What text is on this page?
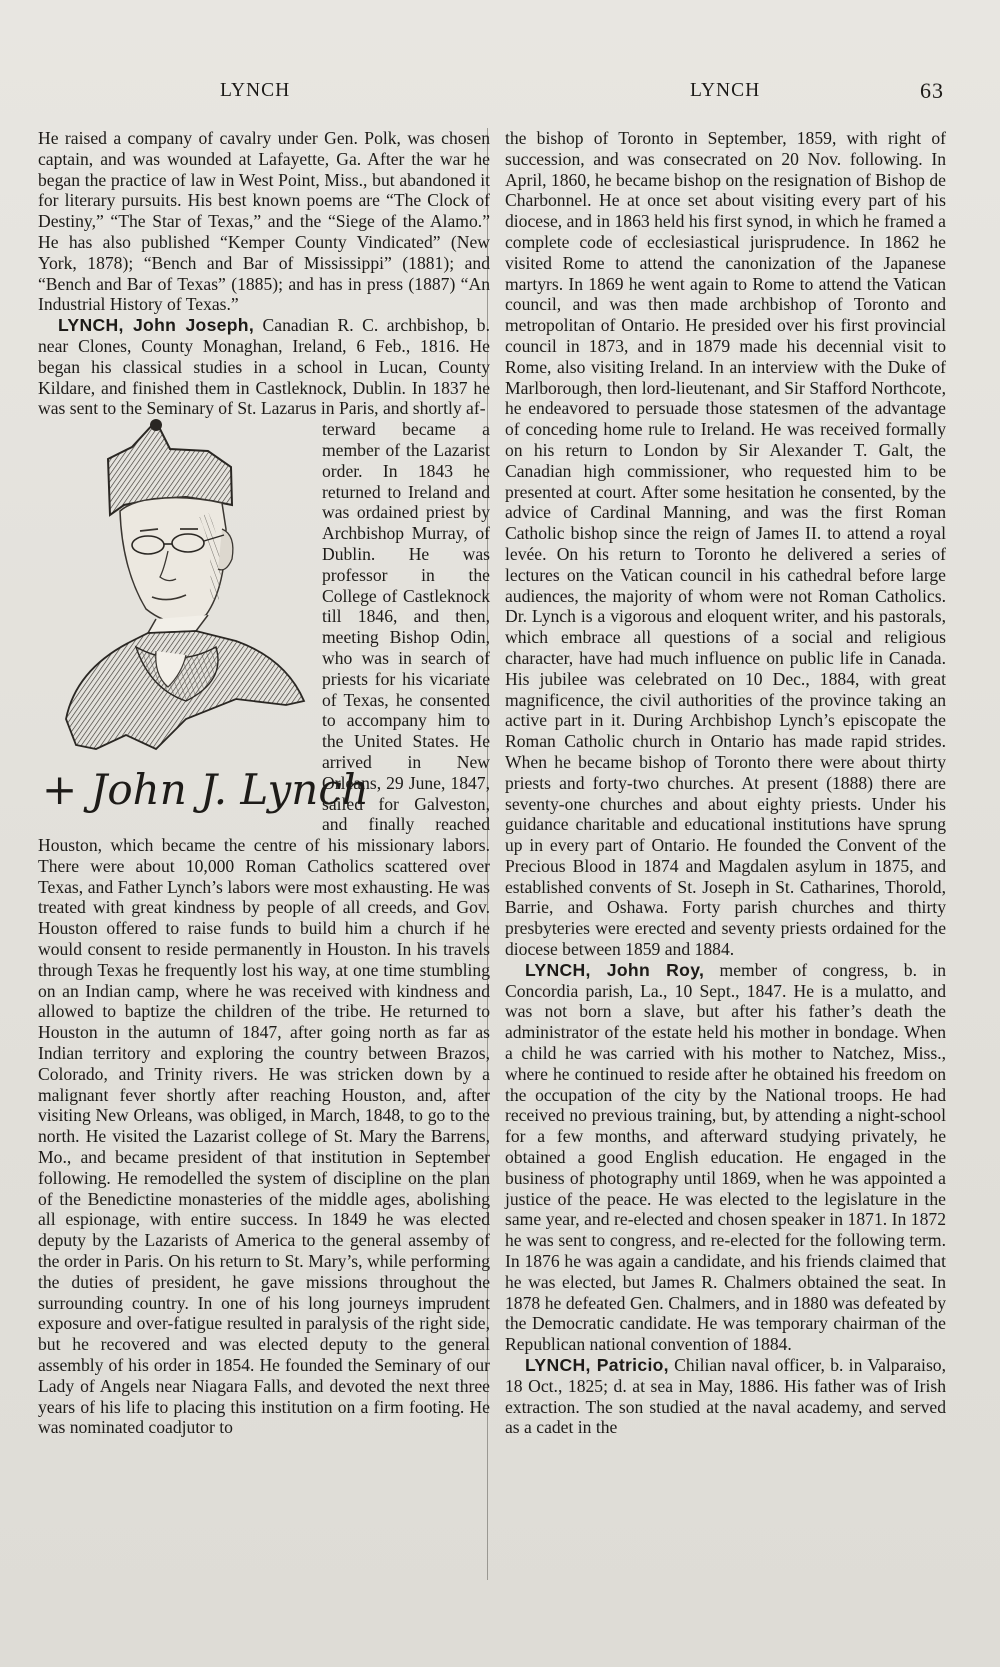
LYNCH	LYNCH	63

He raised a company of cavalry under Gen. Polk, was chosen captain, and was wounded at Lafayette, Ga. After the war he began the practice of law in West Point, Miss., but abandoned it for literary pursuits. His best known poems are “The Clock of Destiny,” “The Star of Texas,” and the “Siege of the Alamo.” He has also published “Kemper County Vindicated” (New York, 1878); “Bench and Bar of Mississippi” (1881); and “Bench and Bar of Texas” (1885); and has in press (1887) “An Industrial History of Texas.”

LYNCH, John Joseph, Canadian R. C. archbishop, b. near Clones, County Monaghan, Ireland, 6 Feb., 1816. He began his classical studies in a school in Lucan, County Kildare, and finished them in Castleknock, Dublin. In 1837 he was sent to the Seminary of St. Lazarus in Paris, and shortly af-

+ John J. Lynch

terward became a member of the Lazarist order. In 1843 he returned to Ireland and was ordained priest by Archbishop Murray, of Dublin. He was professor in the College of Castleknock till 1846, and then, meeting Bishop Odin, who was in search of priests for his vicariate of Texas, he consented to accompany him to the United States. He arrived in New Orleans, 29 June, 1847, sailed for Galveston, and finally reached Houston, which became the centre of his missionary labors. There were about 10,000 Roman Catholics scattered over Texas, and Father Lynch’s labors were most exhausting. He was treated with great kindness by people of all creeds, and Gov. Houston offered to raise funds to build him a church if he would consent to reside permanently in Houston. In his travels through Texas he frequently lost his way, at one time stumbling on an Indian camp, where he was received with kindness and allowed to baptize the children of the tribe. He returned to Houston in the autumn of 1847, after going north as far as Indian territory and exploring the country between Brazos, Colorado, and Trinity rivers. He was stricken down by a malignant fever shortly after reaching Houston, and, after visiting New Orleans, was obliged, in March, 1848, to go to the north. He visited the Lazarist college of St. Mary the Barrens, Mo., and became president of that institution in September following. He remodelled the system of discipline on the plan of the Benedictine monasteries of the middle ages, abolishing all espionage, with entire success. In 1849 he was elected deputy by the Lazarists of America to the general assemby of the order in Paris. On his return to St. Mary’s, while performing the duties of president, he gave missions throughout the surrounding country. In one of his long journeys imprudent exposure and over-fatigue resulted in paralysis of the right side, but he recovered and was elected deputy to the general assembly of his order in 1854. He founded the Seminary of our Lady of Angels near Niagara Falls, and devoted the next three years of his life to placing this institution on a firm footing. He was nominated coadjutor to

the bishop of Toronto in September, 1859, with right of succession, and was consecrated on 20 Nov. following. In April, 1860, he became bishop on the resignation of Bishop de Charbonnel. He at once set about visiting every part of his diocese, and in 1863 held his first synod, in which he framed a complete code of ecclesiastical jurisprudence. In 1862 he visited Rome to attend the canonization of the Japanese martyrs. In 1869 he went again to Rome to attend the Vatican council, and was then made archbishop of Toronto and metropolitan of Ontario. He presided over his first provincial council in 1873, and in 1879 made his decennial visit to Rome, also visiting Ireland. In an interview with the Duke of Marlborough, then lord-lieutenant, and Sir Stafford Northcote, he endeavored to persuade those statesmen of the advantage of conceding home rule to Ireland. He was received formally on his return to London by Sir Alexander T. Galt, the Canadian high commissioner, who requested him to be presented at court. After some hesitation he consented, by the advice of Cardinal Manning, and was the first Roman Catholic bishop since the reign of James II. to attend a royal levée. On his return to Toronto he delivered a series of lectures on the Vatican council in his cathedral before large audiences, the majority of whom were not Roman Catholics. Dr. Lynch is a vigorous and eloquent writer, and his pastorals, which embrace all questions of a social and religious character, have had much influence on public life in Canada. His jubilee was celebrated on 10 Dec., 1884, with great magnificence, the civil authorities of the province taking an active part in it. During Archbishop Lynch’s episcopate the Roman Catholic church in Ontario has made rapid strides. When he became bishop of Toronto there were about thirty priests and forty-two churches. At present (1888) there are seventy-one churches and about eighty priests. Under his guidance charitable and educational institutions have sprung up in every part of Ontario. He founded the Convent of the Precious Blood in 1874 and Magdalen asylum in 1875, and established convents of St. Joseph in St. Catharines, Thorold, Barrie, and Oshawa. Forty parish churches and thirty presbyteries were erected and seventy priests ordained for the diocese between 1859 and 1884.

LYNCH, John Roy, member of congress, b. in Concordia parish, La., 10 Sept., 1847. He is a mulatto, and was not born a slave, but after his father’s death the administrator of the estate held his mother in bondage. When a child he was carried with his mother to Natchez, Miss., where he continued to reside after he obtained his freedom on the occupation of the city by the National troops. He had received no previous training, but, by attending a night-school for a few months, and afterward studying privately, he obtained a good English education. He engaged in the business of photography until 1869, when he was appointed a justice of the peace. He was elected to the legislature in the same year, and re-elected and chosen speaker in 1871. In 1872 he was sent to congress, and re-elected for the following term. In 1876 he was again a candidate, and his friends claimed that he was elected, but James R. Chalmers obtained the seat. In 1878 he defeated Gen. Chalmers, and in 1880 was defeated by the Democratic candidate. He was temporary chairman of the Republican national convention of 1884.

LYNCH, Patricio, Chilian naval officer, b. in Valparaiso, 18 Oct., 1825; d. at sea in May, 1886. His father was of Irish extraction. The son studied at the naval academy, and served as a cadet in the
